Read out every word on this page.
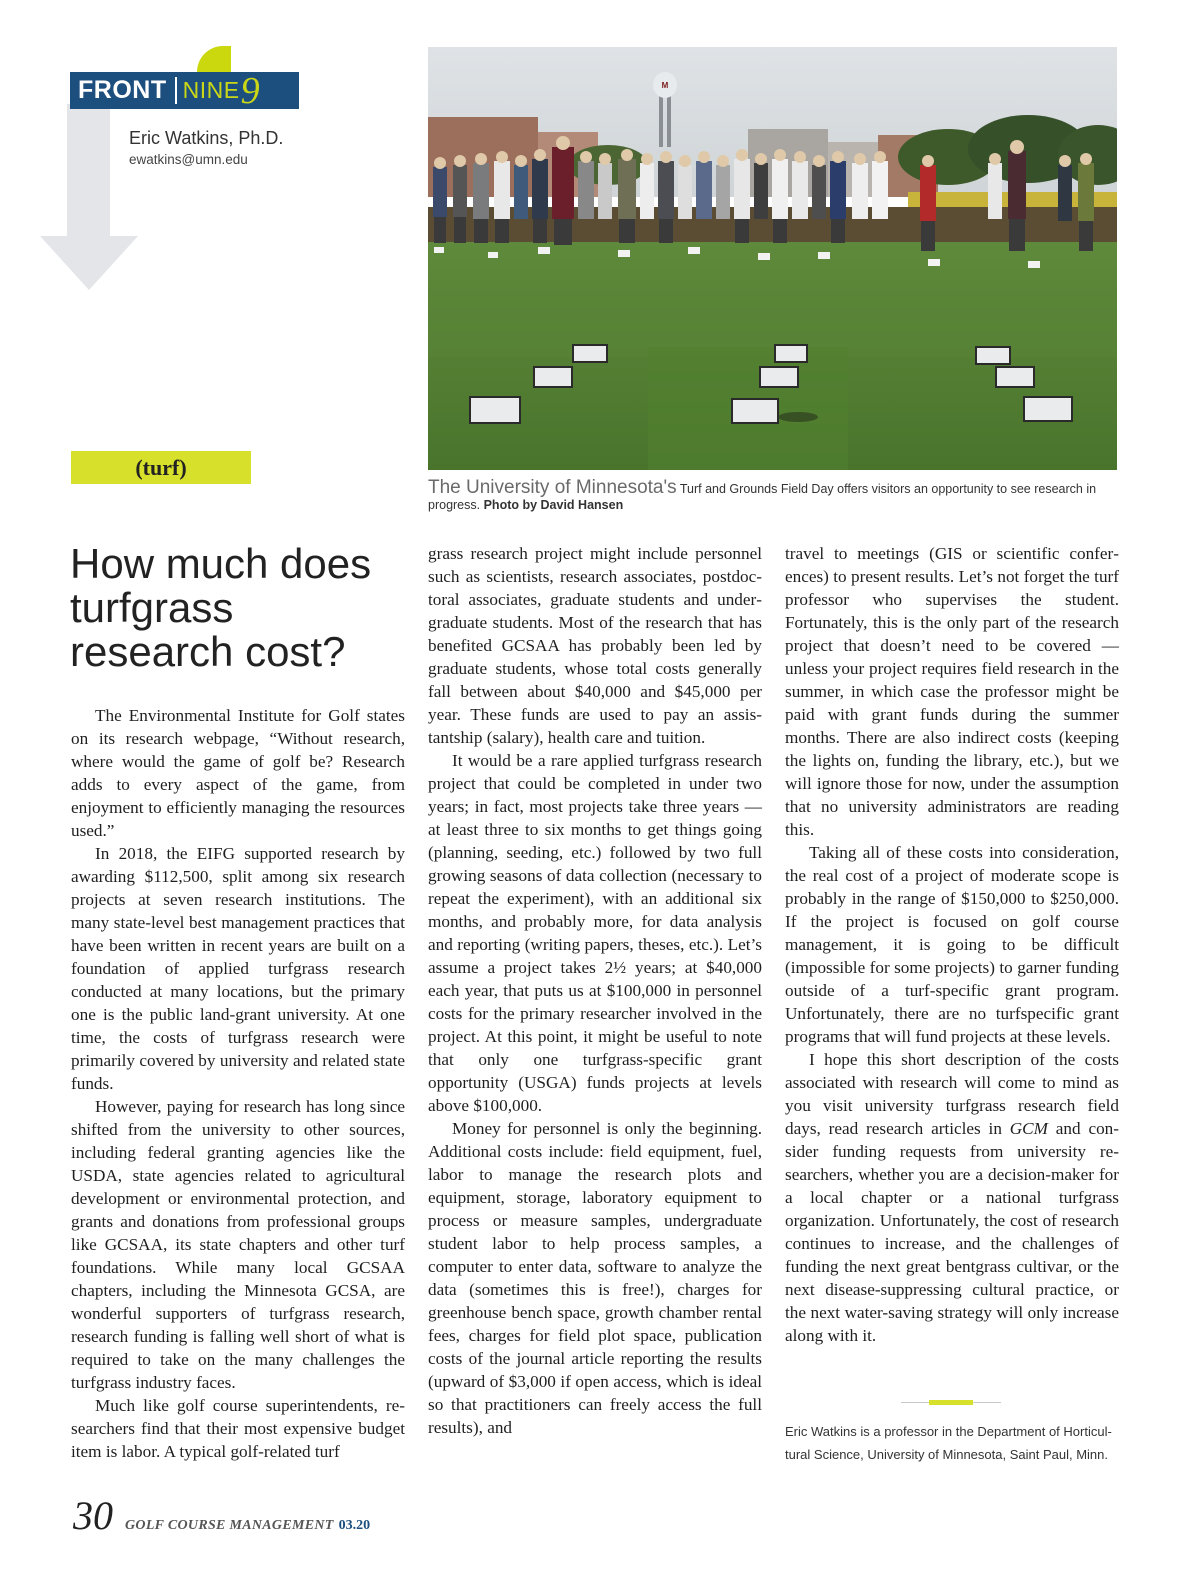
FRONT NINE 9
Eric Watkins, Ph.D.
ewatkins@umn.edu
(turf)
How much does turfgrass research cost?
M
The University of Minnesota's Turf and Grounds Field Day offers visitors an opportunity to see research in progress. Photo by David Hansen

The Environmental Institute for Golf states on its research webpage, “Without research, where would the game of golf be? Research adds to every aspect of the game, from enjoyment to efficiently managing the resources used.”

In 2018, the EIFG supported research by awarding $112,500, split among six research projects at seven research institutions. The many state-level best management practices that have been written in recent years are built on a foundation of applied turfgrass research conducted at many locations, but the primary one is the public land-grant university. At one time, the costs of turfgrass research were primarily covered by university and related state funds.

However, paying for research has long since shifted from the university to other sources, including federal granting agencies like the USDA, state agencies related to agricultural development or environmental protection, and grants and donations from professional groups like GCSAA, its state chapters and other turf foundations. While many local GCSAA chapters, including the Minnesota GCSA, are wonderful supporters of turfgrass research, research funding is falling well short of what is required to take on the many challenges the turfgrass industry faces.

Much like golf course superintendents, researchers find that their most expensive budget item is labor. A typical golf-related turf

grass research project might include personnel such as scientists, research associates, postdoctoral associates, graduate students and undergraduate students. Most of the research that has benefited GCSAA has probably been led by graduate students, whose total costs generally fall between about $40,000 and $45,000 per year. These funds are used to pay an assistantship (salary), health care and tuition.

It would be a rare applied turfgrass research project that could be completed in under two years; in fact, most projects take three years — at least three to six months to get things going (planning, seeding, etc.) followed by two full growing seasons of data collection (necessary to repeat the experiment), with an additional six months, and probably more, for data analysis and reporting (writing papers, theses, etc.). Let’s assume a project takes 2½ years; at $40,000 each year, that puts us at $100,000 in personnel costs for the primary researcher involved in the project. At this point, it might be useful to note that only one turfgrass-specific grant opportunity (USGA) funds projects at levels above $100,000.

Money for personnel is only the beginning. Additional costs include: field equipment, fuel, labor to manage the research plots and equipment, storage, laboratory equipment to process or measure samples, undergraduate student labor to help process samples, a computer to enter data, software to analyze the data (sometimes this is free!), charges for greenhouse bench space, growth chamber rental fees, charges for field plot space, publication costs of the journal article reporting the results (upward of $3,000 if open access, which is ideal so that practitioners can freely access the full results), and

travel to meetings (GIS or scientific conferences) to present results. Let’s not forget the turf professor who supervises the student. Fortunately, this is the only part of the research project that doesn’t need to be covered — unless your project requires field research in the summer, in which case the professor might be paid with grant funds during the summer months. There are also indirect costs (keeping the lights on, funding the library, etc.), but we will ignore those for now, under the assumption that no university administrators are reading this.

Taking all of these costs into consideration, the real cost of a project of moderate scope is probably in the range of $150,000 to $250,000. If the project is focused on golf course management, it is going to be difficult (impossible for some projects) to garner funding outside of a turf-specific grant program. Unfortunately, there are no turfspecific grant programs that will fund projects at these levels.

I hope this short description of the costs associated with research will come to mind as you visit university turfgrass research field days, read research articles in GCM and consider funding requests from university researchers, whether you are a decision-maker for a local chapter or a national turfgrass organization. Unfortunately, the cost of research continues to increase, and the challenges of funding the next great bentgrass cultivar, or the next disease-suppressing cultural practice, or the next water-saving strategy will only increase along with it.

Eric Watkins is a professor in the Department of Horticultural Science, University of Minnesota, Saint Paul, Minn.
30 GOLF COURSE MANAGEMENT 03.20
